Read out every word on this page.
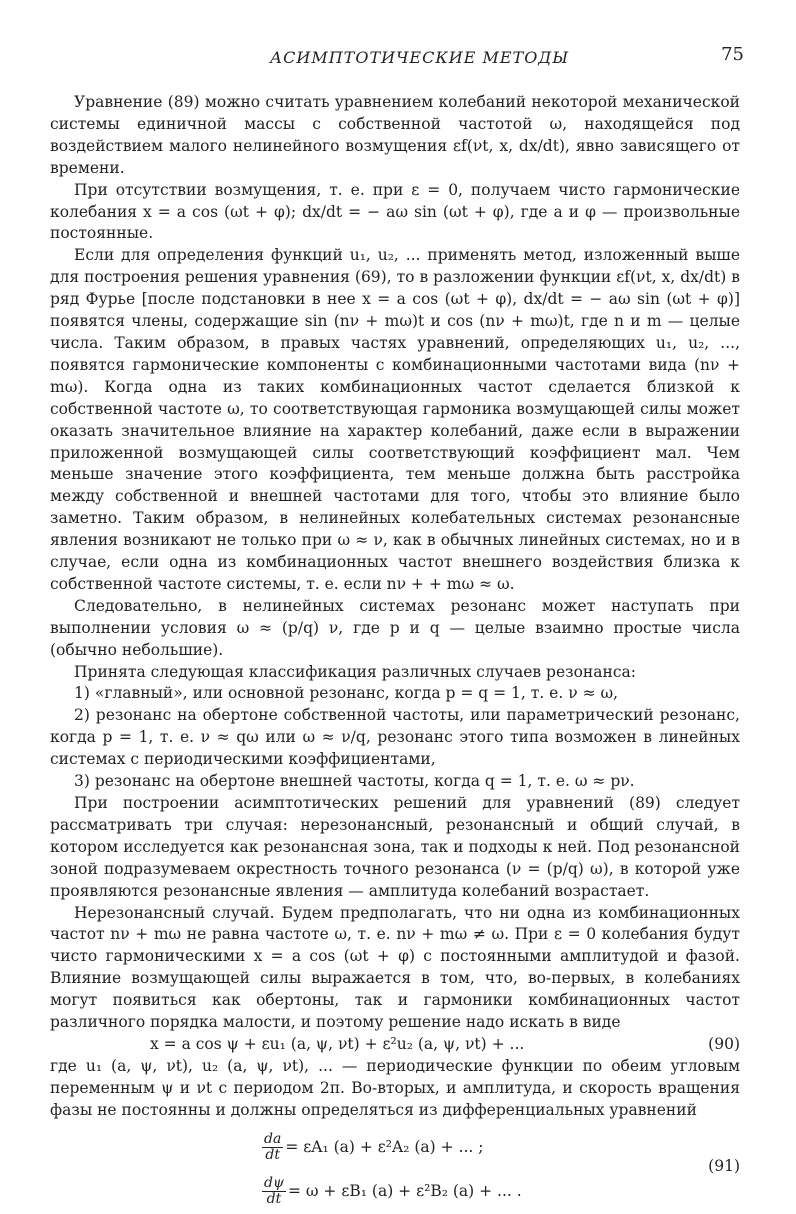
АСИМПТОТИЧЕСКИЕ МЕТОДЫ	75

Уравнение (89) можно считать уравнением колебаний некоторой механической системы единичной массы с собственной частотой ω, находящейся под воздействием малого нелинейного возмущения εf(νt, x, dx/dt), явно зависящего от времени.

При отсутствии возмущения, т. е. при ε = 0, получаем чисто гармонические колебания x = a cos (ωt + φ); dx/dt = − aω sin (ωt + φ), где a и φ — произвольные постоянные.

Если для определения функций u₁, u₂, ... применять метод, изложенный выше для построения решения уравнения (69), то в разложении функции εf(νt, x, dx/dt) в ряд Фурье [после подстановки в нее x = a cos (ωt + φ), dx/dt = − aω sin (ωt + φ)] появятся члены, содержащие sin (nν + mω)t и cos (nν + mω)t, где n и m — целые числа. Таким образом, в правых частях уравнений, определяющих u₁, u₂, ..., появятся гармонические компоненты с комбинационными частотами вида (nν + mω). Когда одна из таких комбинационных частот сделается близкой к собственной частоте ω, то соответствующая гармоника возмущающей силы может оказать значительное влияние на характер колебаний, даже если в выражении приложенной возмущающей силы соответствующий коэффициент мал. Чем меньше значение этого коэффициента, тем меньше должна быть расстройка между собственной и внешней частотами для того, чтобы это влияние было заметно. Таким образом, в нелинейных колебательных системах резонансные явления возникают не только при ω ≈ ν, как в обычных линейных системах, но и в случае, если одна из комбинационных частот внешнего воздействия близка к собственной частоте системы, т. е. если nν + + mω ≈ ω.

Следовательно, в нелинейных системах резонанс может наступать при выполнении условия ω ≈ (p/q) ν, где p и q — целые взаимно простые числа (обычно небольшие).

Принята следующая классификация различных случаев резонанса:

1) «главный», или основной резонанс, когда p = q = 1, т. е. ν ≈ ω,

2) резонанс на обертоне собственной частоты, или параметрический резонанс, когда p = 1, т. е. ν ≈ qω или ω ≈ ν/q, резонанс этого типа возможен в линейных системах с периодическими коэффициентами,

3) резонанс на обертоне внешней частоты, когда q = 1, т. е. ω ≈ pν.

При построении асимптотических решений для уравнений (89) следует рассматривать три случая: нерезонансный, резонансный и общий случай, в котором исследуется как резонансная зона, так и подходы к ней. Под резонансной зоной подразумеваем окрестность точного резонанса (ν = (p/q) ω), в которой уже проявляются резонансные явления — амплитуда колебаний возрастает.

Нерезонансный случай. Будем предполагать, что ни одна из комбинационных частот nν + mω не равна частоте ω, т. е. nν + mω ≠ ω. При ε = 0 колебания будут чисто гармоническими x = a cos (ωt + φ) с постоянными амплитудой и фазой. Влияние возмущающей силы выражается в том, что, во-первых, в колебаниях могут появиться как обертоны, так и гармоники комбинационных частот различного порядка малости, и поэтому решение надо искать в виде

x = a cos ψ + εu₁ (a, ψ, νt) + ε²u₂ (a, ψ, νt) + ...	(90)

где u₁ (a, ψ, νt), u₂ (a, ψ, νt), ... — периодические функции по обеим угловым переменным ψ и νt с периодом 2π. Во-вторых, и амплитуда, и скорость вращения фазы не постоянны и должны определяться из дифференциальных уравнений

$\frac{da}{dt} = \varepsilon A_1$ (a) + ε²A₂ (a) + ... ;
$\frac{d\psi}{dt} = \omega + \varepsilon B_1$ (a) + ε²B₂ (a) + ... .
(91)
